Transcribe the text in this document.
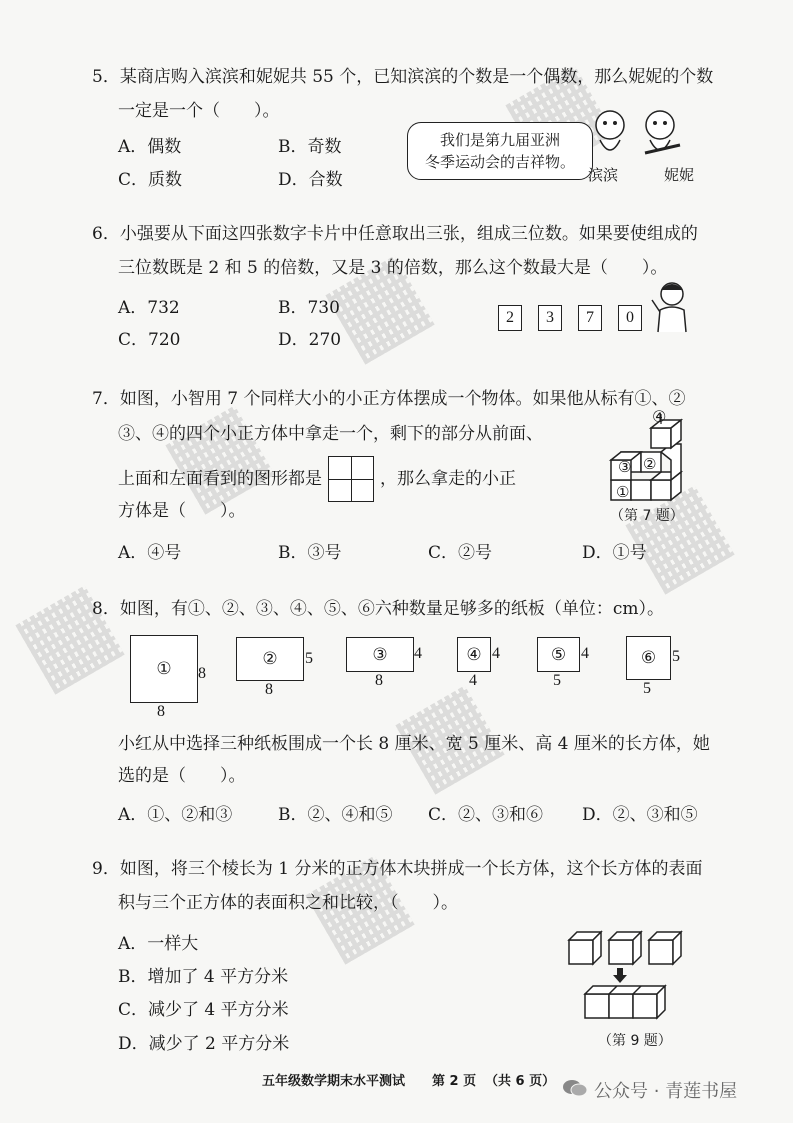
5．某商店购入滨滨和妮妮共 55 个，已知滨滨的个数是一个偶数，那么妮妮的个数
一定是一个（　　）。
A．偶数	B．奇数
C．质数	D．合数
我们是第九届亚洲
冬季运动会的吉祥物。
滨滨	妮妮
6．小强要从下面这四张数字卡片中任意取出三张，组成三位数。如果要使组成的
三位数既是 2 和 5 的倍数，又是 3 的倍数，那么这个数最大是（　　）。
A．732	B．730
C．720	D．270
2	3	7	0
7．如图，小智用 7 个同样大小的小正方体摆成一个物体。如果他从标有①、②
③、④的四个小正方体中拿走一个，剩下的部分从前面、
上面和左面看到的图形都是	，那么拿走的小正
方体是（　　）。
A．④号	B．③号	C．②号	D．①号
④
③ ②
①
（第 7 题）
8．如图，有①、②、③、④、⑤、⑥六种数量足够多的纸板（单位：cm）。
① 8
8
② 5
8
③ 4
8
④ 4
4
⑤ 4
5
⑥ 5
5
小红从中选择三种纸板围成一个长 8 厘米、宽 5 厘米、高 4 厘米的长方体，她
选的是（　　）。
A．①、②和③	B．②、④和⑤ C．②、③和⑥ D．②、③和⑤
9．如图，将三个棱长为 1 分米的正方体木块拼成一个长方体，这个长方体的表面
积与三个正方体的表面积之和比较，（　　）。
A．一样大
B．增加了 4 平方分米
C．减少了 4 平方分米
D．减少了 2 平方分米	（第 9 题）
五年级数学期末水平测试 第 2 页 （共 6 页） 公众号 · 青莲书屋
